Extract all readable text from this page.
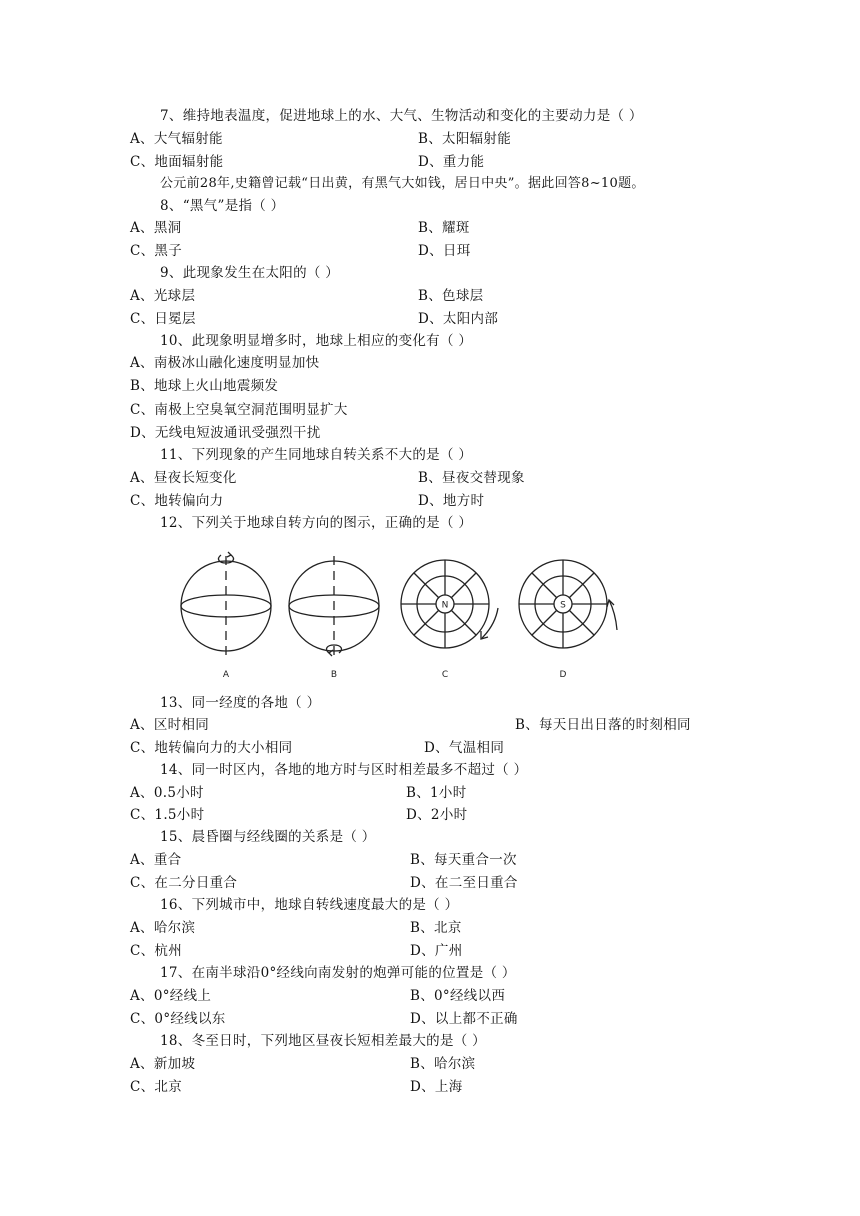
7、维持地表温度，促进地球上的水、大气、生物活动和变化的主要动力是（ ）
A、大气辐射能	B、太阳辐射能
C、地面辐射能	D、重力能
公元前28年,史籍曾记载“日出黄，有黑气大如钱，居日中央”。据此回答8~10题。
8、“黑气”是指（ ）
A、黑洞	B、耀斑
C、黑子	D、日珥
9、此现象发生在太阳的（ ）
A、光球层	B、色球层
C、日冕层	D、太阳内部
10、此现象明显增多时，地球上相应的变化有（ ）
A、南极冰山融化速度明显加快
B、地球上火山地震频发
C、南极上空臭氧空洞范围明显扩大
D、无线电短波通讯受强烈干扰
11、下列现象的产生同地球自转关系不大的是（ ）
A、昼夜长短变化	B、昼夜交替现象
C、地转偏向力	D、地方时
12、下列关于地球自转方向的图示，正确的是（ ）
N	S
A	B	C	D
13、同一经度的各地（ ）
A、区时相同	B、每天日出日落的时刻相同
C、地转偏向力的大小相同	D、气温相同
14、同一时区内，各地的地方时与区时相差最多不超过（ ）
A、0.5小时	B、1小时
C、1.5小时	D、2小时
15、晨昏圈与经线圈的关系是（ ）
A、重合	B、每天重合一次
C、在二分日重合	D、在二至日重合
16、下列城市中，地球自转线速度最大的是（ ）
A、哈尔滨	B、北京
C、杭州	D、广州
17、在南半球沿0°经线向南发射的炮弹可能的位置是（ ）
A、0°经线上	B、0°经线以西
C、0°经线以东	D、以上都不正确
18、冬至日时，下列地区昼夜长短相差最大的是（ ）
A、新加坡	B、哈尔滨
C、北京	D、上海
